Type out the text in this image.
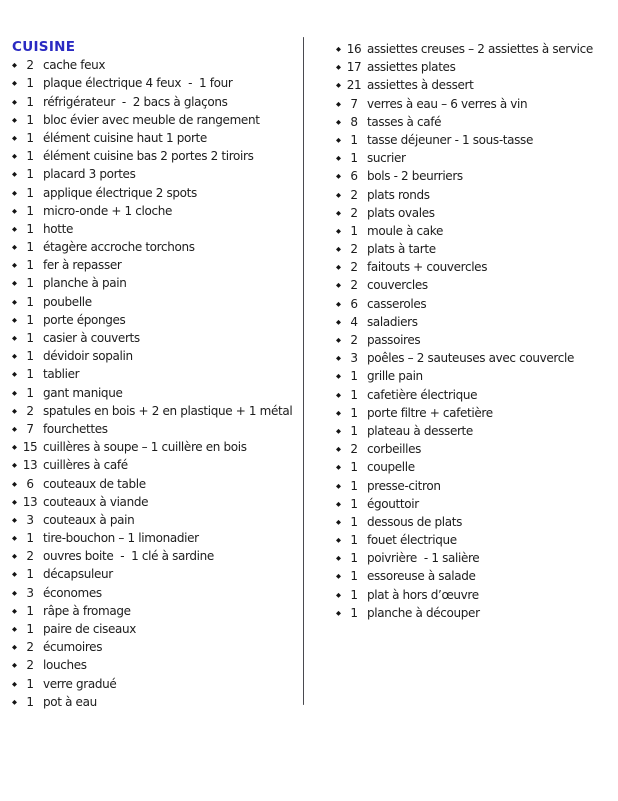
CUISINE
◆ 2 cache feux
◆ 1 plaque électrique 4 feux  -  1 four
◆ 1 réfrigérateur  -  2 bacs à glaçons
◆ 1 bloc évier avec meuble de rangement
◆ 1 élément cuisine haut 1 porte
◆ 1 élément cuisine bas 2 portes 2 tiroirs
◆ 1 placard 3 portes
◆ 1 applique électrique 2 spots
◆ 1 micro-onde + 1 cloche
◆ 1 hotte
◆ 1 étagère accroche torchons
◆ 1 fer à repasser
◆ 1 planche à pain
◆ 1 poubelle
◆ 1 porte éponges
◆ 1 casier à couverts
◆ 1 dévidoir sopalin
◆ 1 tablier
◆ 1 gant manique
◆ 2 spatules en bois + 2 en plastique + 1 métal
◆ 7 fourchettes
◆ 15 cuillères à soupe – 1 cuillère en bois
◆ 13 cuillères à café
◆ 6 couteaux de table
◆ 13 couteaux à viande
◆ 3 couteaux à pain
◆ 1 tire-bouchon – 1 limonadier
◆ 2 ouvres boite  -  1 clé à sardine
◆ 1 décapsuleur
◆ 3 économes
◆ 1 râpe à fromage
◆ 1 paire de ciseaux
◆ 2 écumoires
◆ 2 louches
◆ 1 verre gradué
◆ 1 pot à eau
◆ 16 assiettes creuses – 2 assiettes à service
◆ 17 assiettes plates
◆ 21 assiettes à dessert
◆ 7 verres à eau – 6 verres à vin
◆ 8 tasses à café
◆ 1 tasse déjeuner - 1 sous-tasse
◆ 1 sucrier
◆ 6 bols - 2 beurriers
◆ 2 plats ronds
◆ 2 plats ovales
◆ 1 moule à cake
◆ 2 plats à tarte
◆ 2 faitouts + couvercles
◆ 2 couvercles
◆ 6 casseroles
◆ 4 saladiers
◆ 2 passoires
◆ 3 poêles – 2 sauteuses avec couvercle
◆ 1 grille pain
◆ 1 cafetière électrique
◆ 1 porte filtre + cafetière
◆ 1 plateau à desserte
◆ 2 corbeilles
◆ 1 coupelle
◆ 1 presse-citron
◆ 1 égouttoir
◆ 1 dessous de plats
◆ 1 fouet électrique
◆ 1 poivrière  - 1 salière
◆ 1 essoreuse à salade
◆ 1 plat à hors d’œuvre
◆ 1 planche à découper
